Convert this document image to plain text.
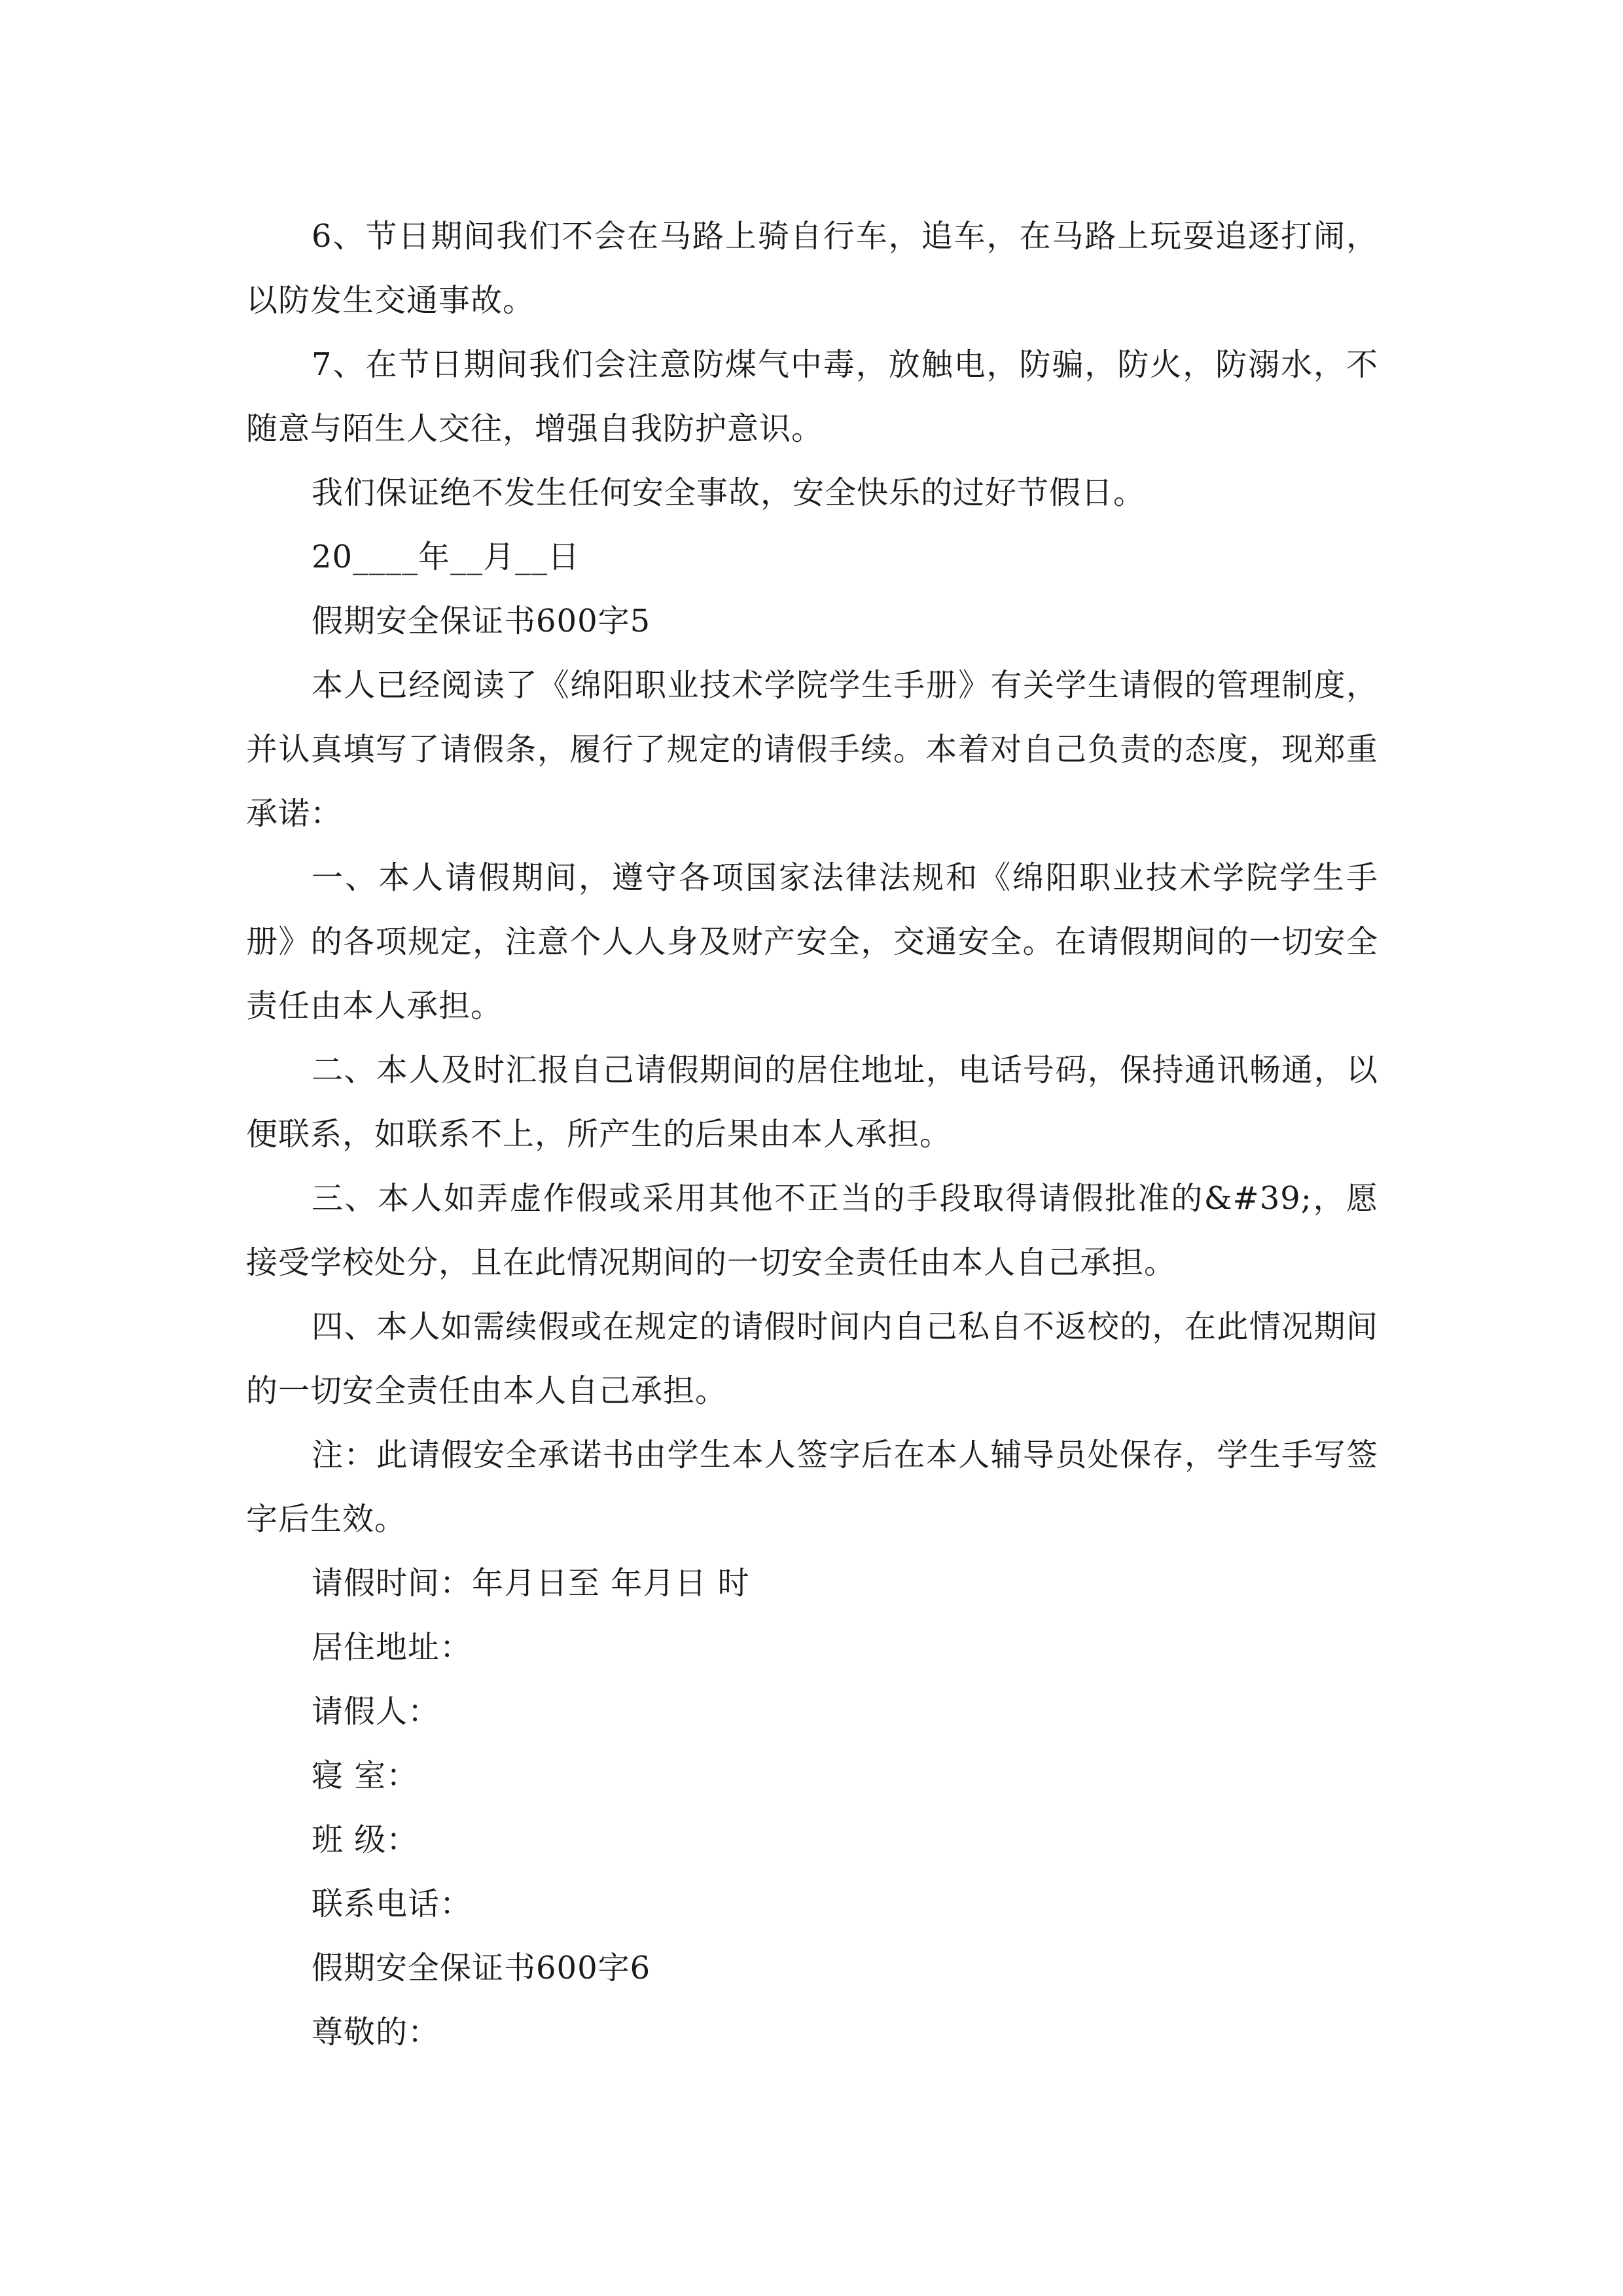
6、节日期间我们不会在马路上骑自行车，追车，在马路上玩耍追逐打闹，以防发生交通事故。

7、在节日期间我们会注意防煤气中毒，放触电，防骗，防火，防溺水，不随意与陌生人交往，增强自我防护意识。

我们保证绝不发生任何安全事故，安全快乐的过好节假日。

20____年__月__日

假期安全保证书600字5

本人已经阅读了《绵阳职业技术学院学生手册》有关学生请假的管理制度，并认真填写了请假条，履行了规定的请假手续。本着对自己负责的态度，现郑重承诺：

一、本人请假期间，遵守各项国家法律法规和《绵阳职业技术学院学生手册》的各项规定，注意个人人身及财产安全，交通安全。在请假期间的一切安全责任由本人承担。

二、本人及时汇报自己请假期间的居住地址，电话号码，保持通讯畅通，以便联系，如联系不上，所产生的后果由本人承担。

三、本人如弄虚作假或采用其他不正当的手段取得请假批准的&#39;，愿接受学校处分，且在此情况期间的一切安全责任由本人自己承担。

四、本人如需续假或在规定的请假时间内自己私自不返校的，在此情况期间的一切安全责任由本人自己承担。

注：此请假安全承诺书由学生本人签字后在本人辅导员处保存，学生手写签字后生效。

请假时间：年月日至 年月日 时

居住地址：

请假人：

寝 室：

班 级：

联系电话：

假期安全保证书600字6

尊敬的：
